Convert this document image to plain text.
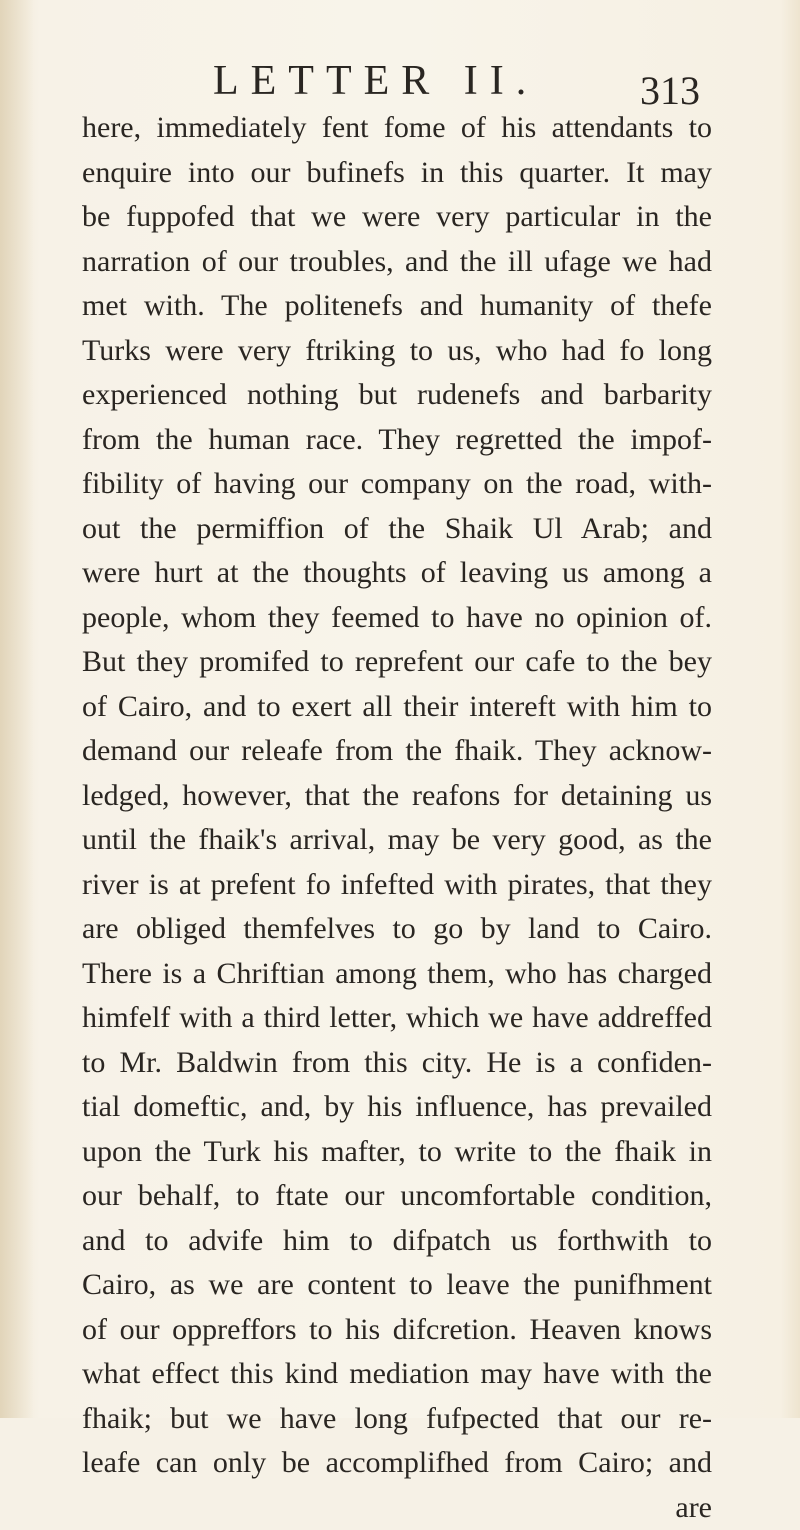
LETTER II.	313
here, immediately fent fome of his attendants to
enquire into our bufinefs in this quarter. It may
be fuppofed that we were very particular in the
narration of our troubles, and the ill ufage we had
met with. The politenefs and humanity of thefe
Turks were very ftriking to us, who had fo long
experienced nothing but rudenefs and barbarity
from the human race. They regretted the impof-
fibility of having our company on the road, with-
out the permiffion of the Shaik Ul Arab; and
were hurt at the thoughts of leaving us among a
people, whom they feemed to have no opinion of.
But they promifed to reprefent our cafe to the bey
of Cairo, and to exert all their intereft with him to
demand our releafe from the fhaik. They acknow-
ledged, however, that the reafons for detaining us
until the fhaik's arrival, may be very good, as the
river is at prefent fo infefted with pirates, that they
are obliged themfelves to go by land to Cairo.
There is a Chriftian among them, who has charged
himfelf with a third letter, which we have addreffed
to Mr. Baldwin from this city. He is a confiden-
tial domeftic, and, by his influence, has prevailed
upon the Turk his mafter, to write to the fhaik in
our behalf, to ftate our uncomfortable condition,
and to advife him to difpatch us forthwith to
Cairo, as we are content to leave the punifhment
of our oppreffors to his difcretion. Heaven knows
what effect this kind mediation may have with the
fhaik; but we have long fufpected that our re-
leafe can only be accomplifhed from Cairo; and
are
